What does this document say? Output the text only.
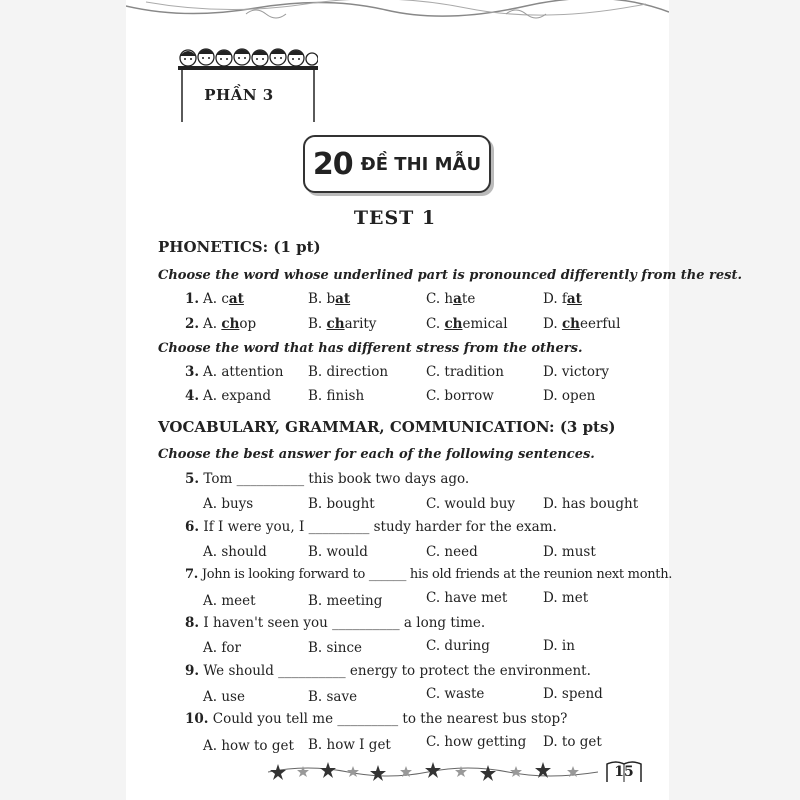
PHẦN 3
20 ĐỀ THI MẪU
TEST 1
PHONETICS: (1 pt)
Choose the word whose underlined part is pronounced differently from the rest.
1. A. cat	B. bat	C. hate	D. fat
2. A. chop	B. charity	C. chemical	D. cheerful
Choose the word that has different stress from the others.
3. A. attention B. direction	C. tradition	D. victory
4. A. expand	B. finish	C. borrow	D. open
VOCABULARY, GRAMMAR, COMMUNICATION: (3 pts)
Choose the best answer for each of the following sentences.
5. Tom __________ this book two days ago.
A. buys	B. bought	C. would buy D. has bought
6. If I were you, I _________ study harder for the exam.
A. should	B. would	C. need	D. must
7. John is looking forward to ______ his old friends at the reunion next month.
A. meet	B. meeting	C. have met	D. met
8. I haven't seen you __________ a long time.
A. for	B. since	C. during	D. in
9. We should __________ energy to protect the environment.
A. use	B. save	C. waste	D. spend
10. Could you tell me _________ to the nearest bus stop?
A. how to get B. how I get	C. how getting D. to get
15
